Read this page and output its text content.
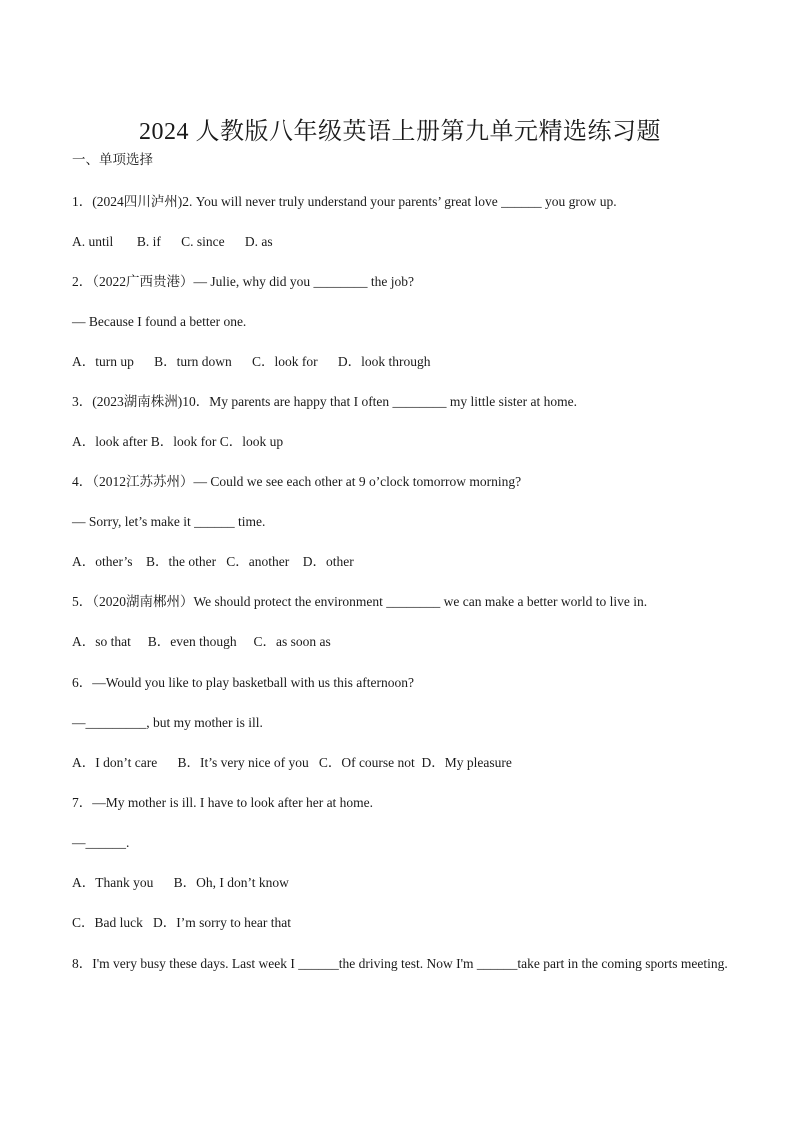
2024 人教版八年级英语上册第九单元精选练习题
一、单项选择
1．(2024四川泸州)2. You will never truly understand your parents’ great love ______ you grow up.
A. until       B. if      C. since      D. as
2．（2022广西贵港）— Julie, why did you ________ the job?
— Because I found a better one.
A．turn up      B．turn down      C．look for      D．look through
3．(2023湖南株洲)10．My parents are happy that I often ________ my little sister at home.
A．look after B．look for C．look up
4．（2012江苏苏州）— Could we see each other at 9 o’clock tomorrow morning?
— Sorry, let’s make it ______ time.
A．other’s    B．the other   C．another    D．other
5．（2020湖南郴州）We should protect the environment ________ we can make a better world to live in.
A．so that     B．even though     C．as soon as
6．—Would you like to play basketball with us this afternoon?
—_________, but my mother is ill.
A．I don’t care      B．It’s very nice of you   C．Of course not  D．My pleasure
7．—My mother is ill. I have to look after her at home.
—______.
A．Thank you      B．Oh, I don’t know
C．Bad luck   D．I’m sorry to hear that
8．I'm very busy these days. Last week I ______the driving test. Now I'm ______take part in the coming sports meeting.
